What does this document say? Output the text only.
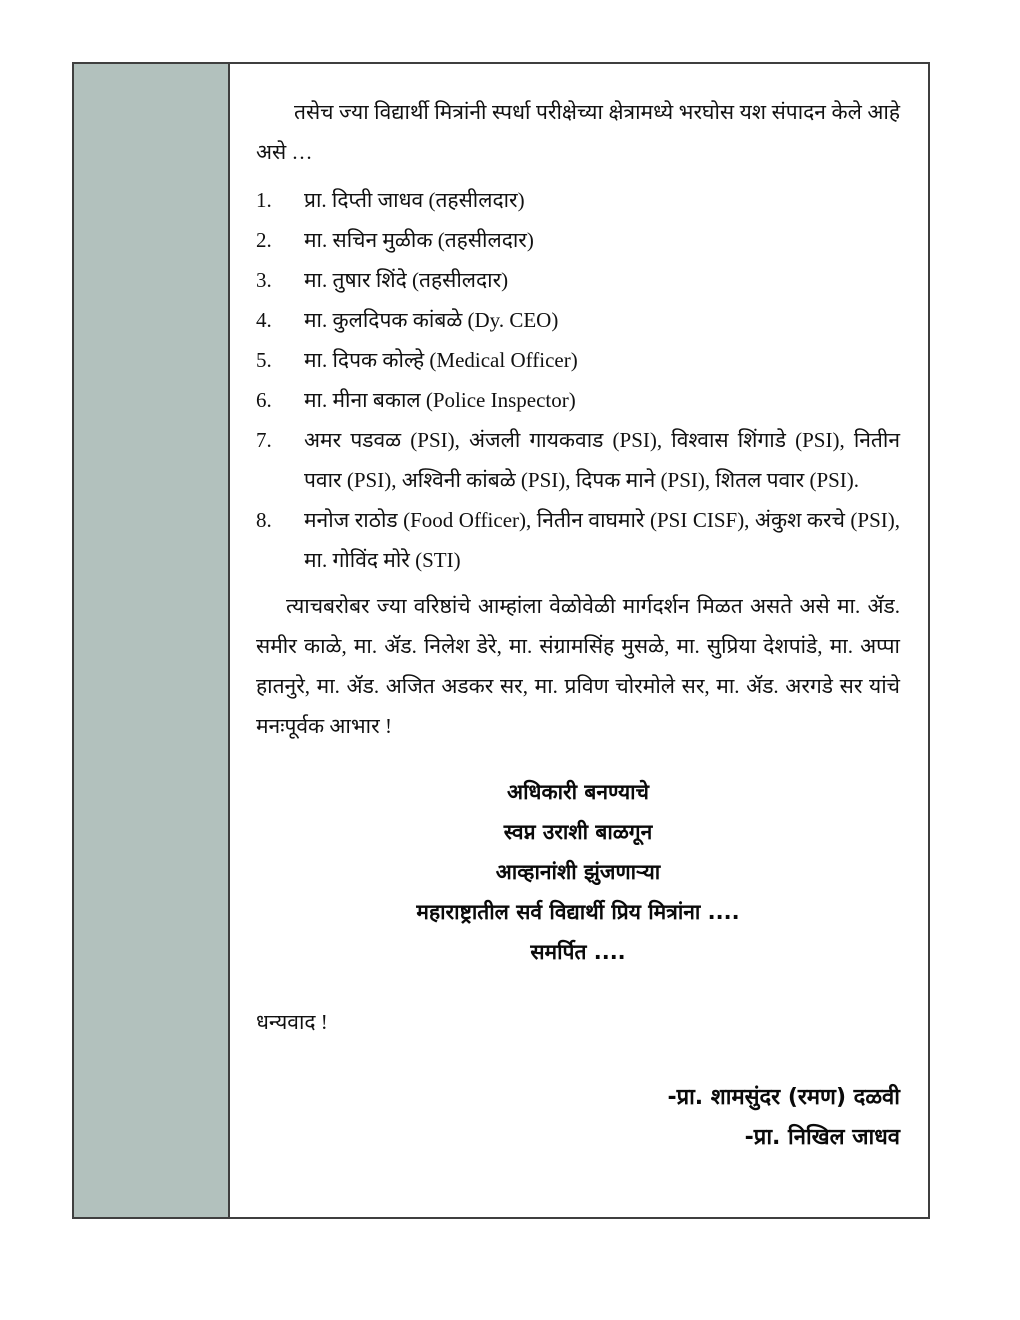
तसेच ज्या विद्यार्थी मित्रांनी स्पर्धा परीक्षेच्या क्षेत्रामध्ये भरघोस यश संपादन केले आहे असे …

1.	प्रा. दिप्ती जाधव (तहसीलदार)
2.	मा. सचिन मुळीक (तहसीलदार)
3.	मा. तुषार शिंदे (तहसीलदार)
4.	मा. कुलदिपक कांबळे (Dy. CEO)
5.	मा. दिपक कोल्हे (Medical Officer)
6.	मा. मीना बकाल (Police Inspector)
7.	अमर पडवळ (PSI), अंजली गायकवाड (PSI), विश्वास शिंगाडे (PSI), नितीन पवार (PSI), अश्विनी कांबळे (PSI), दिपक माने (PSI), शितल पवार (PSI).
8.	मनोज राठोड (Food Officer), नितीन वाघमारे (PSI CISF), अंकुश करचे (PSI), मा. गोविंद मोरे (STI)

त्याचबरोबर ज्या वरिष्ठांचे आम्हांला वेळोवेळी मार्गदर्शन मिळत असते असे मा. ॲड. समीर काळे, मा. ॲड. निलेश डेरे, मा. संग्रामसिंह मुसळे, मा. सुप्रिया देशपांडे, मा. अप्पा हातनुरे, मा. ॲड. अजित अडकर सर, मा. प्रविण चोरमोले सर, मा. ॲड. अरगडे सर यांचे मनःपूर्वक आभार !

अधिकारी बनण्याचे
स्वप्न उराशी बाळगून
आव्हानांशी झुंजणाऱ्या
महाराष्ट्रातील सर्व विद्यार्थी प्रिय मित्रांना ....
समर्पित ....

धन्यवाद !

-प्रा. शामसुंदर (रमण) दळवी
-प्रा. निखिल जाधव
